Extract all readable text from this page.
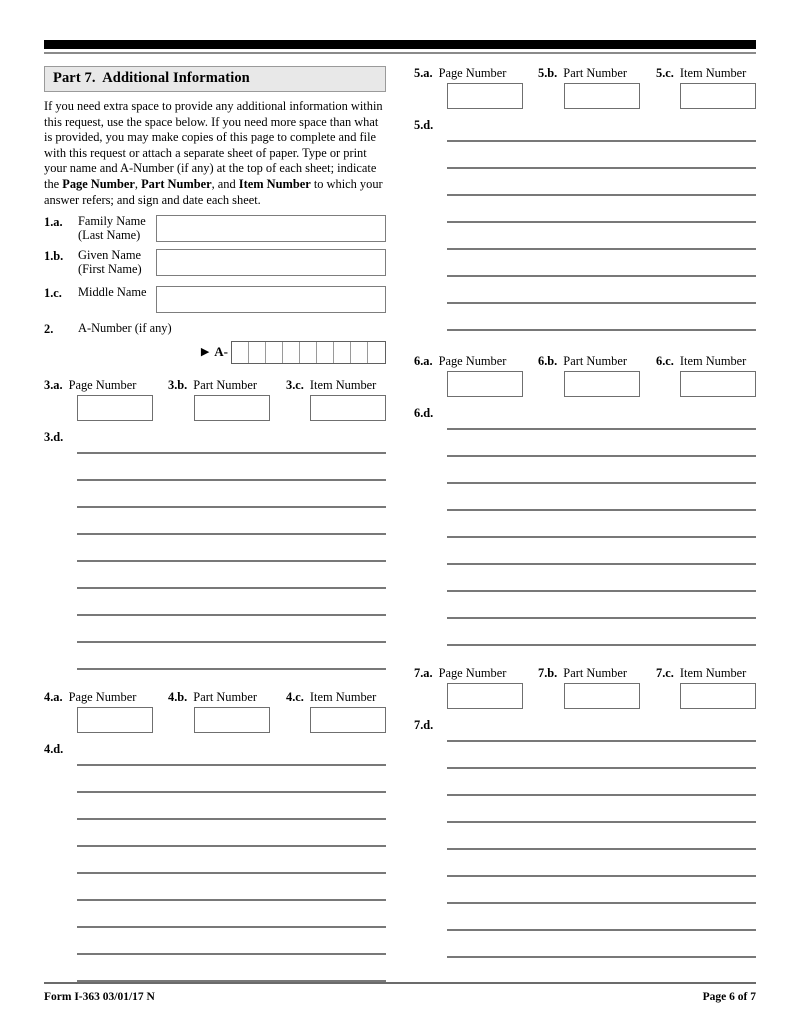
Part 7.  Additional Information
If you need extra space to provide any additional information within this request, use the space below. If you need more space than what is provided, you may make copies of this page to complete and file with this request or attach a separate sheet of paper. Type or print your name and A-Number (if any) at the top of each sheet; indicate the Page Number, Part Number, and Item Number to which your answer refers; and sign and date each sheet.
1.a.	Family Name
(Last Name)
1.b.	Given Name
(First Name)
1.c.	Middle Name
2.	A-Number (if any)
▶ A-
3.a. Page Number	3.b. Part Number 3.c. Item Number
3.d.
4.a. Page Number	4.b. Part Number 4.c. Item Number
4.d.
5.a. Page Number	5.b. Part Number 5.c. Item Number
5.d.
6.a. Page Number	6.b. Part Number 6.c. Item Number
6.d.
7.a. Page Number	7.b. Part Number 7.c. Item Number
7.d.
Form I-363 03/01/17 N	Page 6 of 7
